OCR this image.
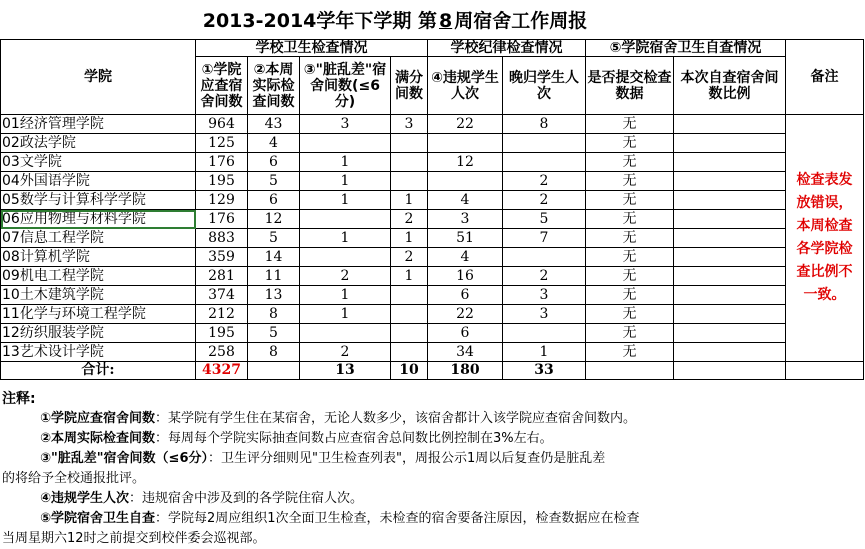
2013-2014学年下学期 第 8 周宿舍工作周报
学院	学校卫生检查情况				学校纪律检查情况		⑤学院宿舍卫生自查情况		备注
	①学院应查宿舍间数	②本周实际检查间数	③"脏乱差"宿舍间数(≤6分)	满分间数	④违规学生人次	晚归学生人次	是否提交检查数据	本次自查宿舍间数比例	
01经济管理学院	964	43	3	3	22	8	无		检查表发放错误，本周检查各学院检查比例不一致。
02政法学院	125	4					无		
03文学院	176	6	1		12		无		
04外国语学院	195	5	1			2	无		
05数学与计算科学学院	129	6	1	1	4	2	无		
06应用物理与材料学院	176	12		2	3	5	无		
07信息工程学院	883	5	1	1	51	7	无		
08计算机学院	359	14		2	4		无		
09机电工程学院	281	11	2	1	16	2	无		
10土木建筑学院	374	13	1		6	3	无		
11化学与环境工程学院	212	8	1		22	3	无		
12纺织服装学院	195	5			6		无		
13艺术设计学院	258	8	2		34	1	无		
合计:	4327		13	10	180	33			
注释:
①学院应查宿舍间数：某学院有学生住在某宿舍，无论人数多少，该宿舍都计入该学院应查宿舍间数内。
②本周实际检查间数：每周每个学院实际抽查间数占应查宿舍总间数比例控制在3%左右。
③"脏乱差"宿舍间数（≤6分）：卫生评分细则见"卫生检查列表"，周报公示1周以后复查仍是脏乱差
的将给予全校通报批评。
④违规学生人次：违规宿舍中涉及到的各学院住宿人次。
⑤学院宿舍卫生自查：学院每2周应组织1次全面卫生检查，未检查的宿舍要备注原因，检查数据应在检查
当周星期六12时之前提交到校伴委会巡视部。
